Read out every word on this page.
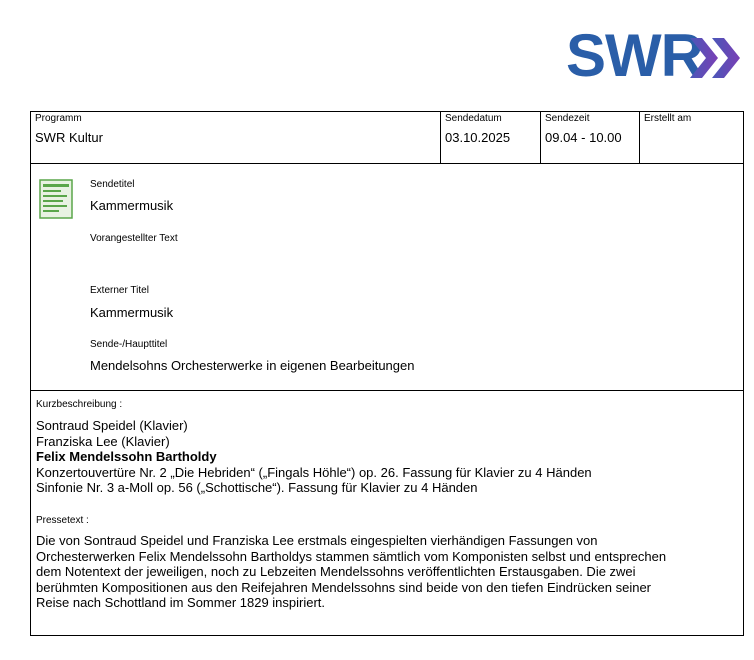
SWR
Programm
SWR Kultur
Sendedatum
03.10.2025
Sendezeit
09.04 - 10.00
Erstellt am
Sendetitel
Kammermusik
Vorangestellter Text
Externer Titel
Kammermusik
Sende-/Haupttitel
Mendelsohns Orchesterwerke in eigenen Bearbeitungen
Kurzbeschreibung :
Sontraud Speidel (Klavier)
Franziska Lee (Klavier)
Felix Mendelssohn Bartholdy
Konzertouvertüre Nr. 2 „Die Hebriden“ („Fingals Höhle“) op. 26. Fassung für Klavier zu 4 Händen
Sinfonie Nr. 3 a-Moll op. 56 („Schottische“). Fassung für Klavier zu 4 Händen
Pressetext :
Die von Sontraud Speidel und Franziska Lee erstmals eingespielten vierhändigen Fassungen von
Orchesterwerken Felix Mendelssohn Bartholdys stammen sämtlich vom Komponisten selbst und entsprechen
dem Notentext der jeweiligen, noch zu Lebzeiten Mendelssohns veröffentlichten Erstausgaben. Die zwei
berühmten Kompositionen aus den Reifejahren Mendelssohns sind beide von den tiefen Eindrücken seiner
Reise nach Schottland im Sommer 1829 inspiriert.
